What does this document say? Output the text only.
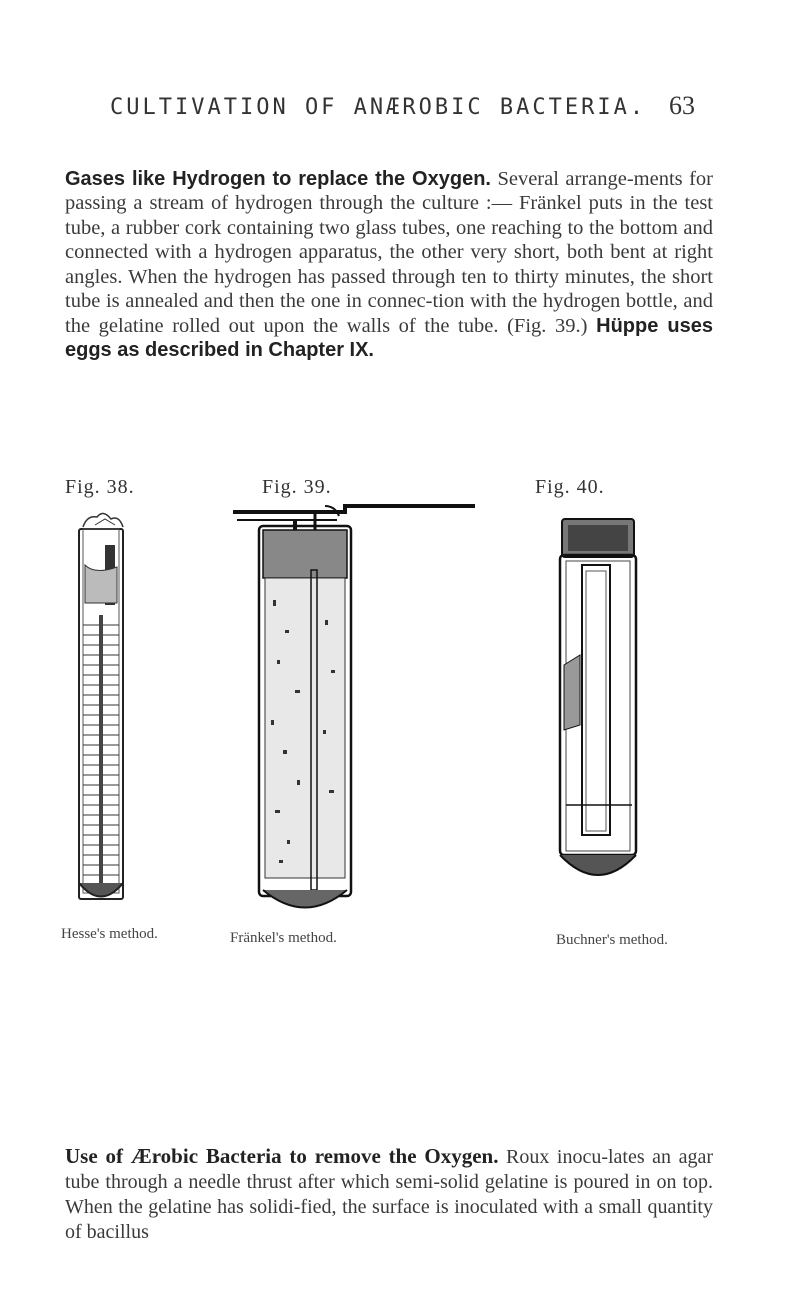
CULTIVATION OF ANÆROBIC BACTERIA. 63

Gases like Hydrogen to replace the Oxygen. Several arrange-ments for passing a stream of hydrogen through the culture :— Fränkel puts in the test tube, a rubber cork containing two glass tubes, one reaching to the bottom and connected with a hydrogen apparatus, the other very short, both bent at right angles. When the hydrogen has passed through ten to thirty minutes, the short tube is annealed and then the one in connec-tion with the hydrogen bottle, and the gelatine rolled out upon the walls of the tube. (Fig. 39.) Hüppe uses eggs as described in Chapter IX.

Fig. 38.	Fig. 39.	Fig. 40.
Hesse's method.	Fränkel's method.	Buchner's method.

Use of Ærobic Bacteria to remove the Oxygen. Roux inocu-lates an agar tube through a needle thrust after which semi-solid gelatine is poured in on top. When the gelatine has solidi-fied, the surface is inoculated with a small quantity of bacillus
